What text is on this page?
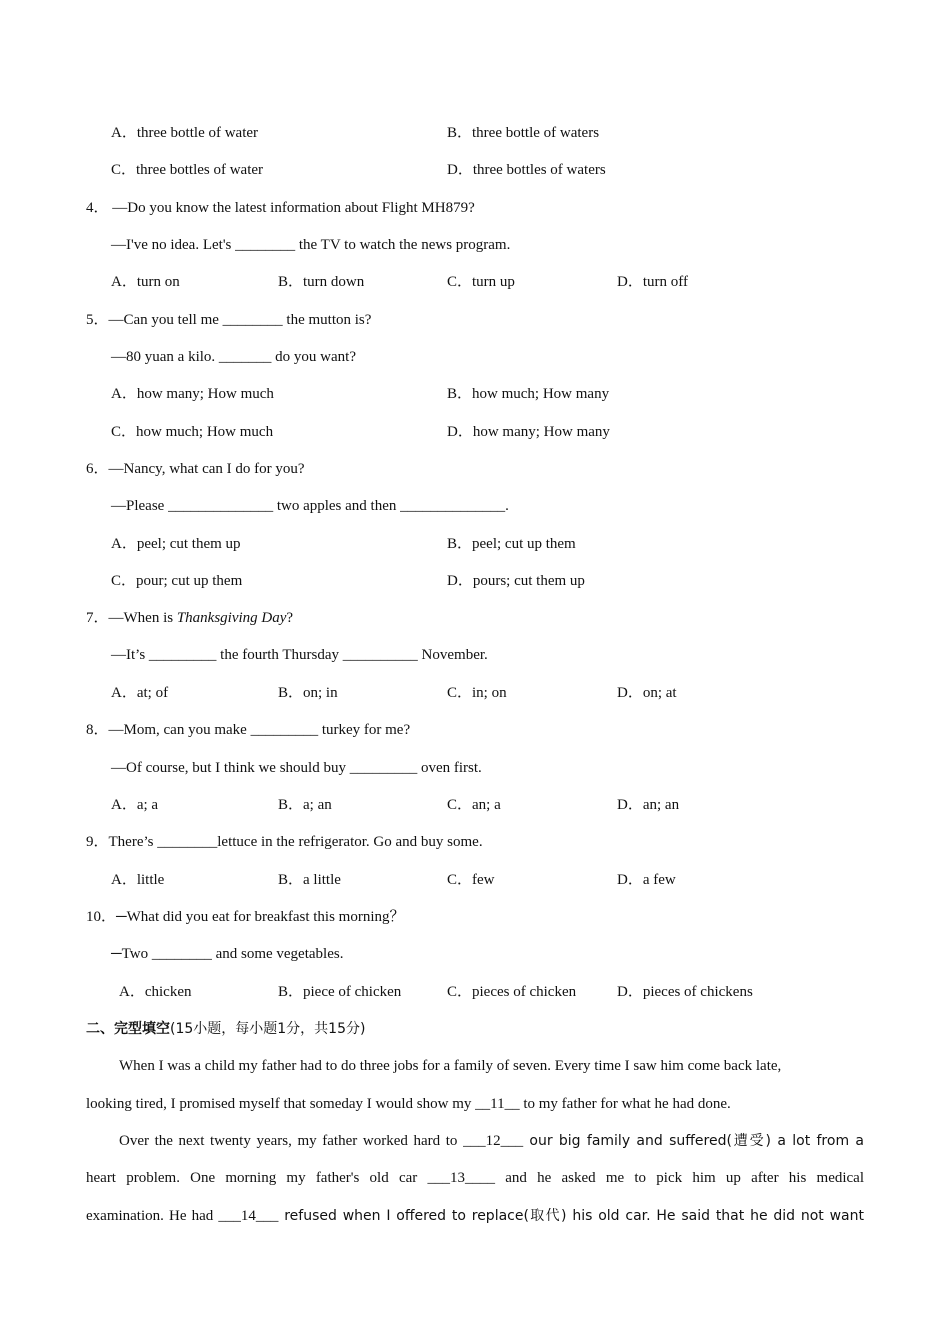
A．three bottle of water	B．three bottle of waters
C．three bottles of water	D．three bottles of waters
4． —Do you know the latest information about Flight MH879?
—I've no idea. Let's ________ the TV to watch the news program.
A．turn on	B．turn down	C．turn up	D．turn off
5．—Can you tell me ________ the mutton is?
—80 yuan a kilo. _______ do you want?
A．how many; How much	B．how much; How many
C．how much; How much	D．how many; How many
6．—Nancy, what can I do for you?
—Please ______________ two apples and then ______________.
A．peel; cut them up	B．peel; cut up them
C．pour; cut up them	D．pours; cut them up
7．—When is Thanksgiving Day?
—It’s _________ the fourth Thursday __________ November.
A．at; of	B．on; in	C．in; on	D．on; at
8．—Mom, can you make _________ turkey for me?
—Of course, but I think we should buy _________ oven first.
A．a; a	B．a; an	C．an; a	D．an; an
9．There’s ________lettuce in the refrigerator. Go and buy some.
A．little	B．a little	C．few	D．a few
10．─What did you eat for breakfast this morning？
─Two ________ and some vegetables.
A．chicken	B．piece of chicken	C．pieces of chicken	D．pieces of chickens
二、完型填空(15小题，每小题1分，共15分)
When I was a child my father had to do three jobs for a family of seven. Every time I saw him come back late,
looking tired, I promised myself that someday I would show my __11__ to my father for what he had done.
Over the next twenty years, my father worked hard to ___12___ our big family and suffered(遭受) a lot from a
heart problem. One morning my father's old car ___13____ and he asked me to pick him up after his medical
examination. He had ___14___ refused when I offered to replace(取代) his old car. He said that he did not want
